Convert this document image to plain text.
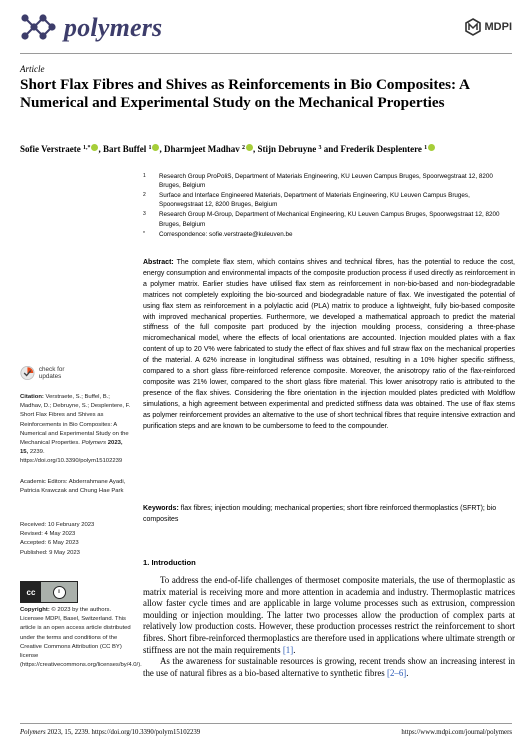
polymers	MDPI
Article
Short Flax Fibres and Shives as Reinforcements in Bio Composites: A Numerical and Experimental Study on the Mechanical Properties
Sofie Verstraete $^{1,*}$ , Bart Buffel $^1$ , Dharmjeet Madhav $^2$ , Stijn Debruyne $^3$ and Frederik Desplentere $^1$
1 Research Group ProPoliS, Department of Materials Engineering, KU Leuven Campus Bruges, Spoorwegstraat 12, 8200 Bruges, Belgium
2 Surface and Interface Engineered Materials, Department of Materials Engineering, KU Leuven Campus Bruges, Spoorwegstraat 12, 8200 Bruges, Belgium
3 Research Group M-Group, Department of Mechanical Engineering, KU Leuven Campus Bruges, Spoorwegstraat 12, 8200 Bruges, Belgium
* Correspondence: sofie.verstraete@kuleuven.be

Abstract: The complete flax stem, which contains shives and technical fibres, has the potential to reduce the cost, energy consumption and environmental impacts of the composite production process if used directly as reinforcement in a polymer matrix. Earlier studies have utilised flax stem as reinforcement in non-bio-based and non-biodegradable matrices not completely exploiting the bio-sourced and biodegradable nature of flax. We investigated the potential of using flax stem as reinforcement in a polylactic acid (PLA) matrix to produce a lightweight, fully bio-based composite with improved mechanical properties. Furthermore, we developed a mathematical approach to predict the material stiffness of the full composite part produced by the injection moulding process, considering a three-phase micromechanical model, where the effects of local orientations are accounted. Injection moulded plates with a flax content of up to 20 V% were fabricated to study the effect of flax shives and full straw flax on the mechanical properties of the material. A 62% increase in longitudinal stiffness was obtained, resulting in a 10% higher specific stiffness, compared to a short glass fibre-reinforced reference composite. Moreover, the anisotropy ratio of the flax-reinforced composite was 21% lower, compared to the short glass fibre material. This lower anisotropy ratio is attributed to the presence of the flax shives. Considering the fibre orientation in the injection moulded plates predicted with Moldflow simulations, a high agreement between experimental and predicted stiffness data was obtained. The use of flax stems as polymer reinforcement provides an alternative to the use of short technical fibres that require intensive extraction and purification steps and are known to be cumbersome to feed to the compounder.

Keywords: flax fibres; injection moulding; mechanical properties; short fibre reinforced thermoplastics (SFRT); bio composites

check for updates

Citation: Verstraete, S.; Buffel, B.; Madhav, D.; Debruyne, S.; Desplentere, F. Short Flax Fibres and Shives as Reinforcements in Bio Composites: A Numerical and Experimental Study on the Mechanical Properties. Polymers 2023, 15, 2239. https://doi.org/10.3390/polym15102239

Academic Editors: Abderrahmane Ayadi, Patricia Krawczak and Chung Hae Park

Received: 10 February 2023
Revised: 4 May 2023
Accepted: 6 May 2023
Published: 9 May 2023

cc	i

Copyright: © 2023 by the authors. Licensee MDPI, Basel, Switzerland. This article is an open access article distributed under the terms and conditions of the Creative Commons Attribution (CC BY) license (https://creativecommons.org/licenses/by/4.0/).

1. Introduction

To address the end-of-life challenges of thermoset composite materials, the use of thermoplastic as matrix material is receiving more and more attention in academia and industry. Thermoplastic matrices allow faster cycle times and are applicable in large volume processes such as extrusion, compression moulding or injection moulding. The latter two processes allow the production of complex parts at relatively low production costs. However, these production processes restrict the reinforcement to short fibres. Short fibre-reinforced thermoplastics are therefore used in applications where ultimate strength or stiffness are not the main requirements [1].

As the awareness for sustainable resources is growing, recent trends show an increasing interest in the use of natural fibres as a bio-based alternative to synthetic fibres [2–6].

Polymers 2023, 15, 2239. https://doi.org/10.3390/polym15102239	https://www.mdpi.com/journal/polymers
